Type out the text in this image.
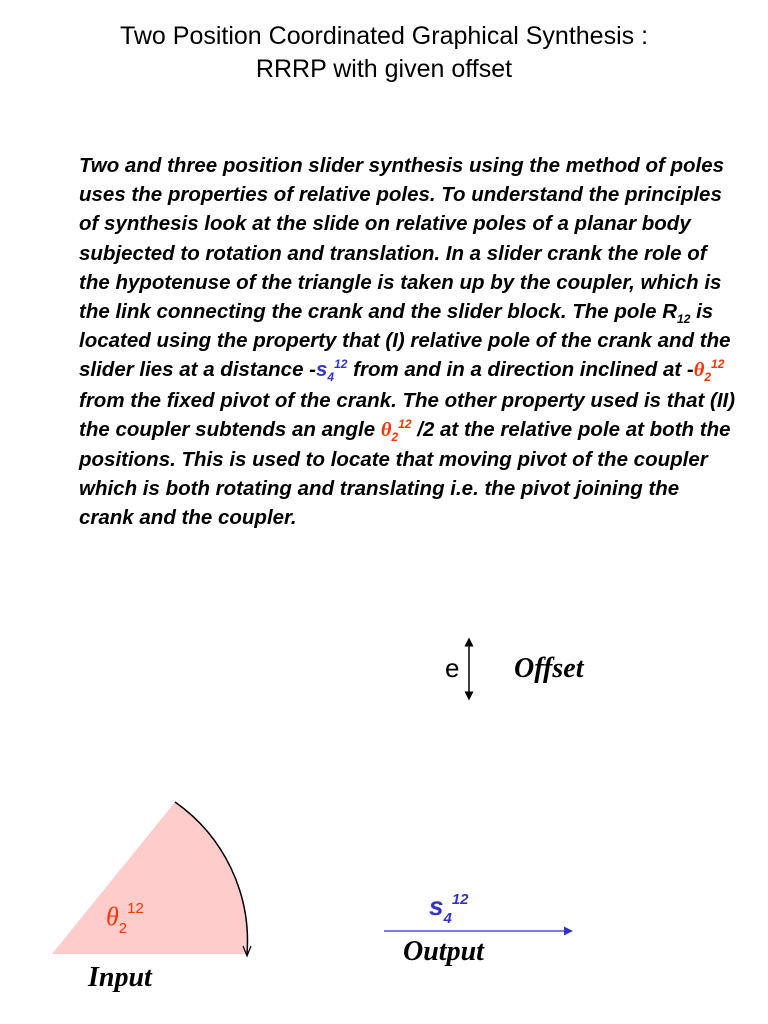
Two Position Coordinated Graphical Synthesis :
RRRP with given offset
Two and three position slider synthesis using the method of poles uses the properties of relative poles. To understand the principles of synthesis look at the slide on relative poles of a planar body subjected to rotation and translation. In a slider crank the role of the hypotenuse of the triangle is taken up by the coupler, which is the link connecting the crank and the slider block. The pole $R_{12}$ is located using the property that (I) relative pole of the crank and the slider lies at a distance $-s_4^{12}$ from and in a direction inclined at $-\theta_2^{12}$ from the fixed pivot of the crank. The other property used is that (II) the coupler subtends an angle $\theta_2^{12}$ /2 at the relative pole at both the positions. This is used to locate that moving pivot of the coupler which is both rotating and translating i.e. the pivot joining the crank and the coupler.
e Offset
$\theta_2^{12}$
Input
$s_4^{12}$
Output
